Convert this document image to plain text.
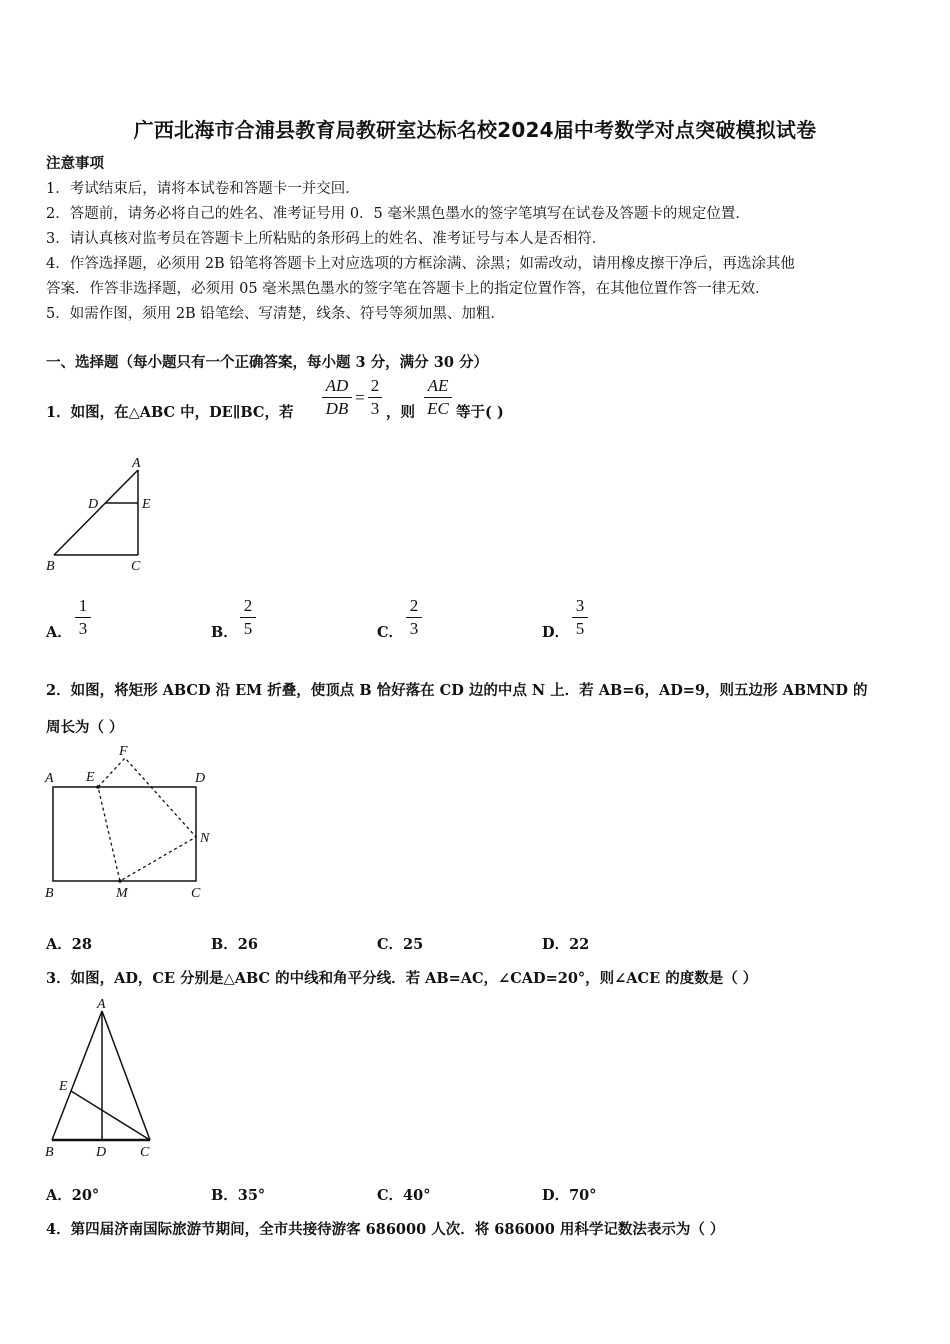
广西北海市合浦县教育局教研室达标名校2024届中考数学对点突破模拟试卷
注意事项
1．考试结束后，请将本试卷和答题卡一并交回．
2．答题前，请务必将自己的姓名、准考证号用 0．5 毫米黑色墨水的签字笔填写在试卷及答题卡的规定位置．
3．请认真核对监考员在答题卡上所粘贴的条形码上的姓名、准考证号与本人是否相符．
4．作答选择题，必须用 2B 铅笔将答题卡上对应选项的方框涂满、涂黑；如需改动，请用橡皮擦干净后，再选涂其他
答案．作答非选择题，必须用 05 毫米黑色墨水的签字笔在答题卡上的指定位置作答，在其他位置作答一律无效．
5．如需作图，须用 2B 铅笔绘、写清楚，线条、符号等须加黑、加粗．
一、选择题（每小题只有一个正确答案，每小题 3 分，满分 30 分）
1．如图，在△ABC 中，DE∥BC，若
AD
DB
=
2
3 ，则
AE
EC 等于( )
A
D	E
B	C
A．
1
3	B．
2
5	C．
2
3	D．
3
5
2．如图，将矩形 ABCD 沿 EM 折叠，使顶点 B 恰好落在 CD 边的中点 N 上．若 AB=6，AD=9，则五边形 ABMND 的
周长为（ ）
F
A E	D
N
B	M	C
A．28	B．26	C．25	D．22
3．如图，AD，CE 分别是△ABC 的中线和角平分线．若 AB=AC，∠CAD=20°，则∠ACE 的度数是（ ）
A
E
B	D C
A．20°	B．35°	C．40°	D．70°
4．第四届济南国际旅游节期间，全市共接待游客 686000 人次．将 686000 用科学记数法表示为（ ）
